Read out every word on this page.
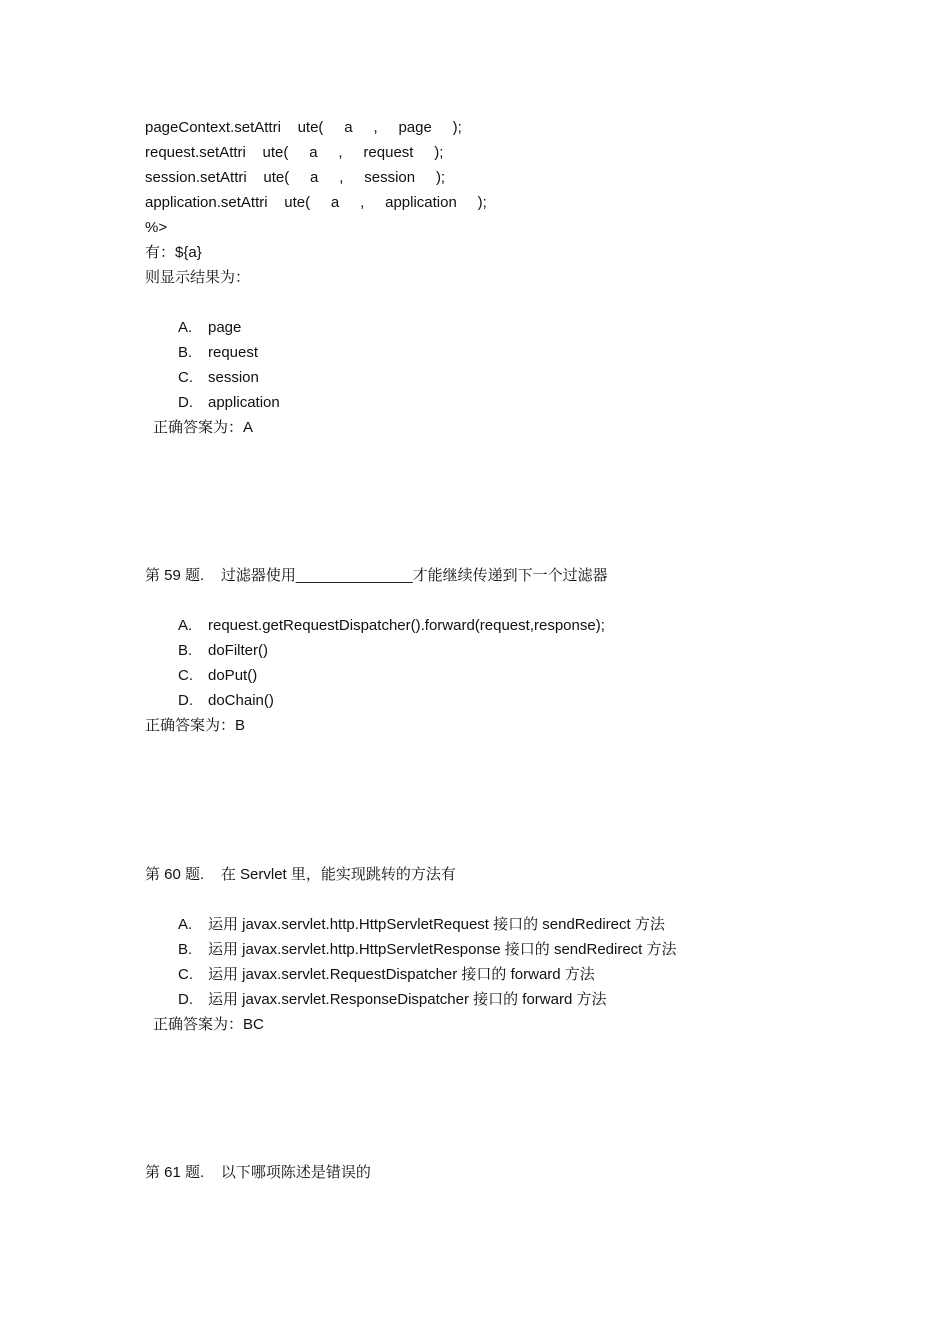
pageContext.setAttri    ute(     a     ,     page     );
request.setAttri    ute(     a     ,     request     );
session.setAttri    ute(     a     ,     session     );
application.setAttri    ute(     a     ,     application     );
%>
有：${a}
则显示结果为：
A. page
B. request
C. session
D. application
正确答案为：A
第 59 题.    过滤器使用______________才能继续传递到下一个过滤器
A. request.getRequestDispatcher().forward(request,response);
B. doFilter()
C. doPut()
D. doChain()
正确答案为：B
第 60 题.    在 Servlet 里，能实现跳转的方法有
A. 运用 javax.servlet.http.HttpServletRequest 接口的 sendRedirect 方法
B. 运用 javax.servlet.http.HttpServletResponse 接口的 sendRedirect 方法
C. 运用 javax.servlet.RequestDispatcher 接口的 forward 方法
D. 运用 javax.servlet.ResponseDispatcher 接口的 forward 方法
正确答案为：BC
第 61 题.    以下哪项陈述是错误的
